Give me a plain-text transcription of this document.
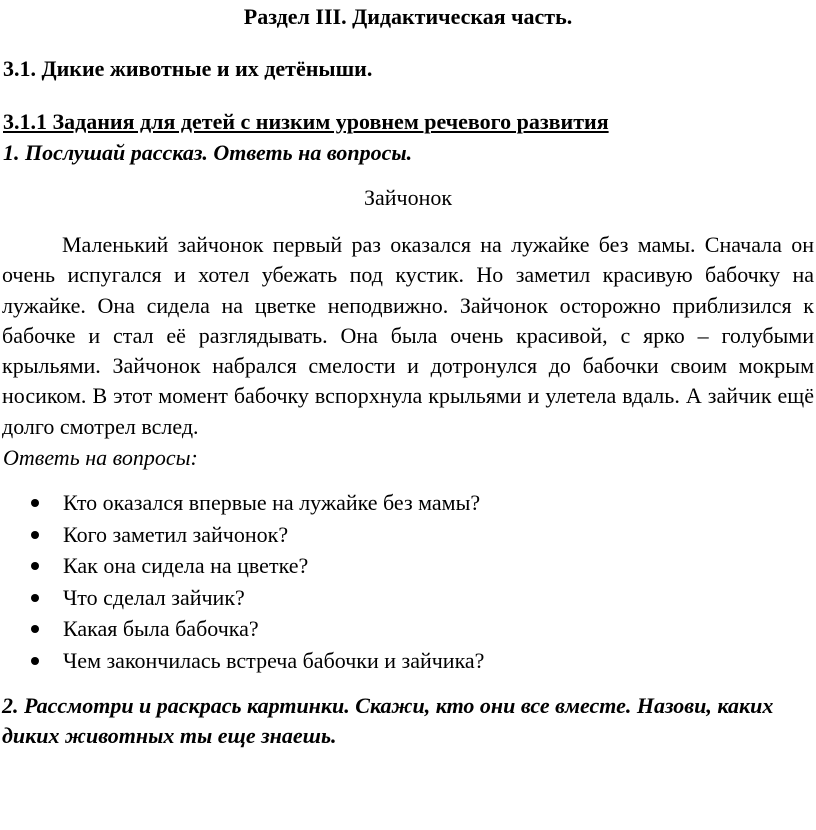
Раздел III. Дидактическая часть.
3.1. Дикие животные и их детёныши.
3.1.1 Задания для детей с низким уровнем речевого развития
1. Послушай рассказ. Ответь на вопросы.
Зайчонок
Маленький зайчонок первый раз оказался на лужайке без мамы. Сначала он очень испугался и хотел убежать под кустик. Но заметил красивую бабочку на лужайке. Она сидела на цветке неподвижно. Зайчонок осторожно приблизился к бабочке и стал её разглядывать. Она была очень красивой, с ярко – голубыми крыльями. Зайчонок набрался смелости и дотронулся до бабочки своим мокрым носиком. В этот момент бабочку вспорхнула крыльями и улетела вдаль. А зайчик ещё долго смотрел вслед.
Ответь на вопросы:
Кто оказался впервые на лужайке без мамы?
Кого заметил зайчонок?
Как она сидела на цветке?
Что сделал зайчик?
Какая была бабочка?
Чем закончилась встреча бабочки и зайчика?
2. Рассмотри и раскрась картинки. Скажи, кто они все вместе. Назови, каких диких животных ты еще знаешь.
